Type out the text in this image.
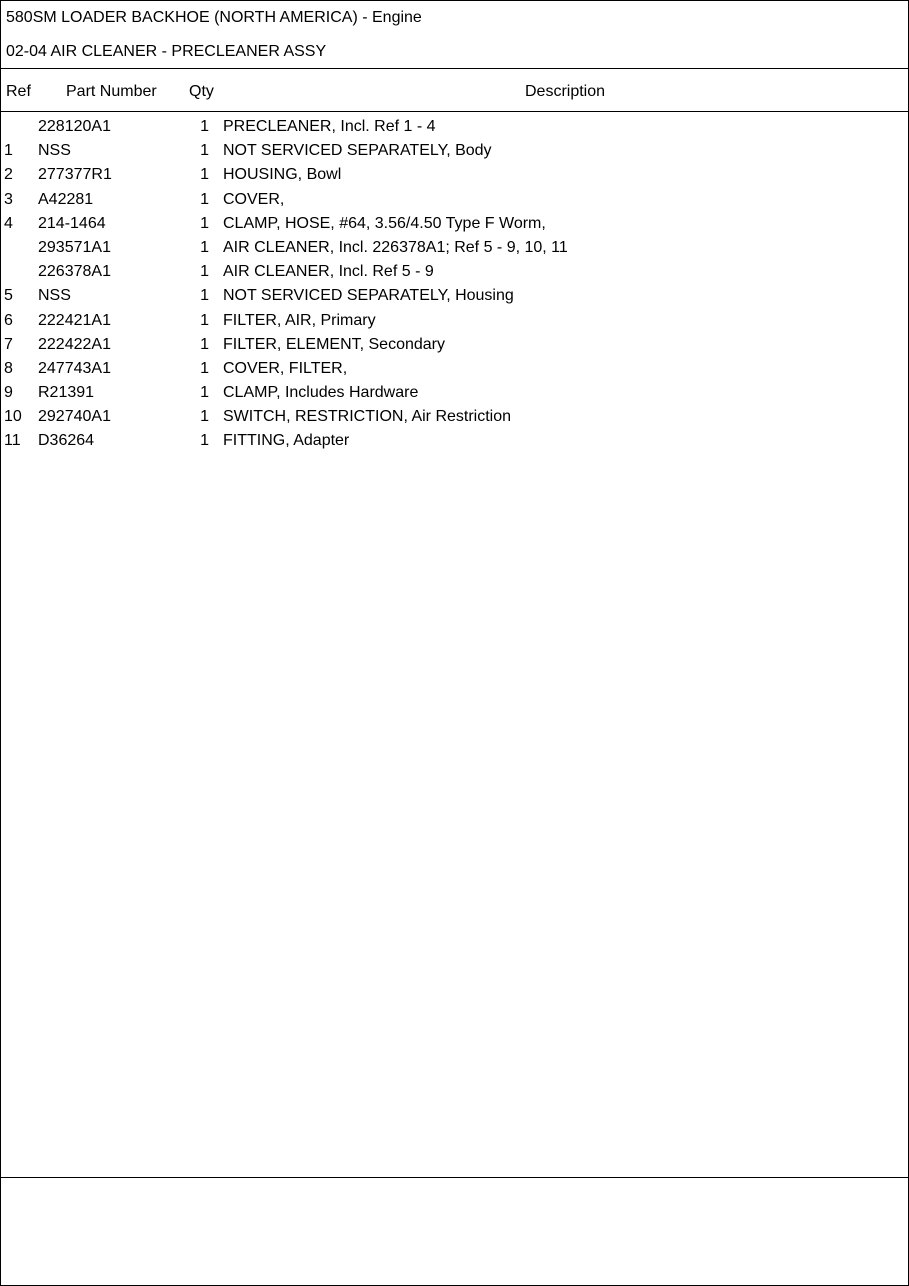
580SM LOADER BACKHOE (NORTH AMERICA) - Engine
02-04 AIR CLEANER - PRECLEANER ASSY
Ref Part Number Qty	Description
228120A1	1 PRECLEANER, Incl. Ref 1 - 4
1 NSS	1 NOT SERVICED SEPARATELY, Body
2 277377R1	1 HOUSING, Bowl
3 A42281	1 COVER,
4 214-1464	1 CLAMP, HOSE, #64, 3.56/4.50 Type F Worm,
293571A1	1 AIR CLEANER, Incl. 226378A1; Ref 5 - 9, 10, 11
226378A1	1 AIR CLEANER, Incl. Ref 5 - 9
5 NSS	1 NOT SERVICED SEPARATELY, Housing
6 222421A1	1 FILTER, AIR, Primary
7 222422A1	1 FILTER, ELEMENT, Secondary
8 247743A1	1 COVER, FILTER,
9 R21391	1 CLAMP, Includes Hardware
10 292740A1	1 SWITCH, RESTRICTION, Air Restriction
11 D36264	1 FITTING, Adapter
